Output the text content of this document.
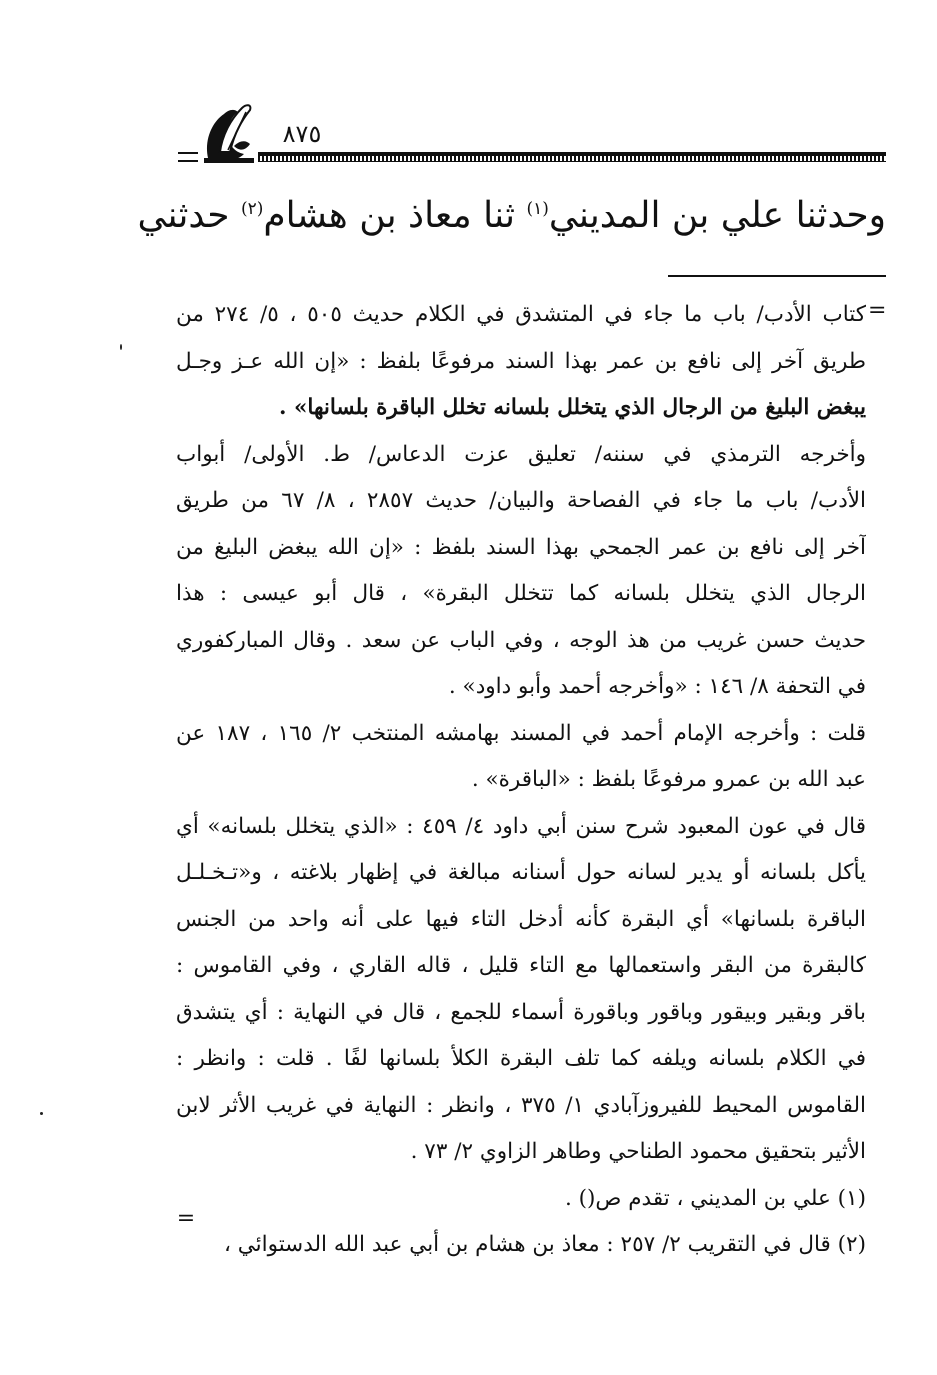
٨٧٥
وحدثنا علي بن المديني$^{(١)}$ ثنا معاذ بن هشام$^{(٢)}$ حدثني
=
كتاب الأدب/ باب ما جاء في المتشدق في الكلام حديث ٥٠٥ ، ٥/ ٢٧٤ من
طريق آخر إلى نافع بن عمر بهذا السند مرفوعًا بلفظ : «إن الله عـز وجـل
يبغض البليغ من الرجال الذي يتخلل بلسانه تخلل الباقرة بلسانها» .
وأخرجه الترمذي في سننه/ تعليق عزت الدعاس/ ط. الأولى/ أبواب
الأدب/ باب ما جاء في الفصاحة والبيان/ حديث ٢٨٥٧ ، ٨/ ٦٧ من طريق
آخر إلى نافع بن عمر الجمحي بهذا السند بلفظ : «إن الله يبغض البليغ من
الرجال الذي يتخلل بلسانه كما تتخلل البقرة» ، قال أبو عيسى : هذا
حديث حسن غريب من هذ الوجه ، وفي الباب عن سعد . وقال المباركفوري
في التحفة ٨/ ١٤٦ : «وأخرجه أحمد وأبو داود» .
قلت : وأخرجه الإمام أحمد في المسند بهامشه المنتخب ٢/ ١٦٥ ، ١٨٧ عن
عبد الله بن عمرو مرفوعًا بلفظ : «الباقرة» .
قال في عون المعبود شرح سنن أبي داود ٤/ ٤٥٩ : «الذي يتخلل بلسانه» أي
يأكل بلسانه أو يدير لسانه حول أسنانه مبالغة في إظهار بلاغته ، و«تـخـلـل
الباقرة بلسانها» أي البقرة كأنه أدخل التاء فيها على أنه واحد من الجنس
كالبقرة من البقر واستعمالها مع التاء قليل ، قاله القاري ، وفي القاموس :
باقر وبقير وبيقور وباقور وباقورة أسماء للجمع ، قال في النهاية : أي يتشدق
في الكلام بلسانه ويلفه كما تلف البقرة الكلأ بلسانها لفًا . قلت : وانظر :
القاموس المحيط للفيروزآبادي ١/ ٣٧٥ ، وانظر : النهاية في غريب الأثر لابن
الأثير بتحقيق محمود الطناحي وطاهر الزاوي ٢/ ٧٣ .
(١) علي بن المديني ، تقدم ص() .
(٢) قال في التقريب ٢/ ٢٥٧ : معاذ بن هشام بن أبي عبد الله الدستوائي ،
=
